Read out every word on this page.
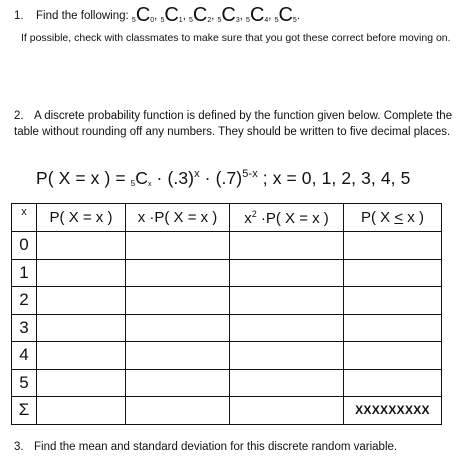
1. Find the following: $_5C_0$, $_5C_1$, $_5C_2$, $_5C_3$, $_5C_4$, $_5C_5$.
If possible, check with classmates to make sure that you got these correct before moving on.
2. A discrete probability function is defined by the function given below. Complete the table without rounding off any numbers. They should be written to five decimal places.
P( X = x ) = $5Cx \cdot (.3)^x \cdot (.7)^{5-x}$ ; x = 0, 1, 2, 3, 4, 5
x	P( X = x )	x ·P( X = x )	$x^2 \cdot P$( X = x )	P( X ≤ x )
0				
1				
2				
3				
4				
5				
Σ				XXXXXXXXX
3. Find the mean and standard deviation for this discrete random variable.
